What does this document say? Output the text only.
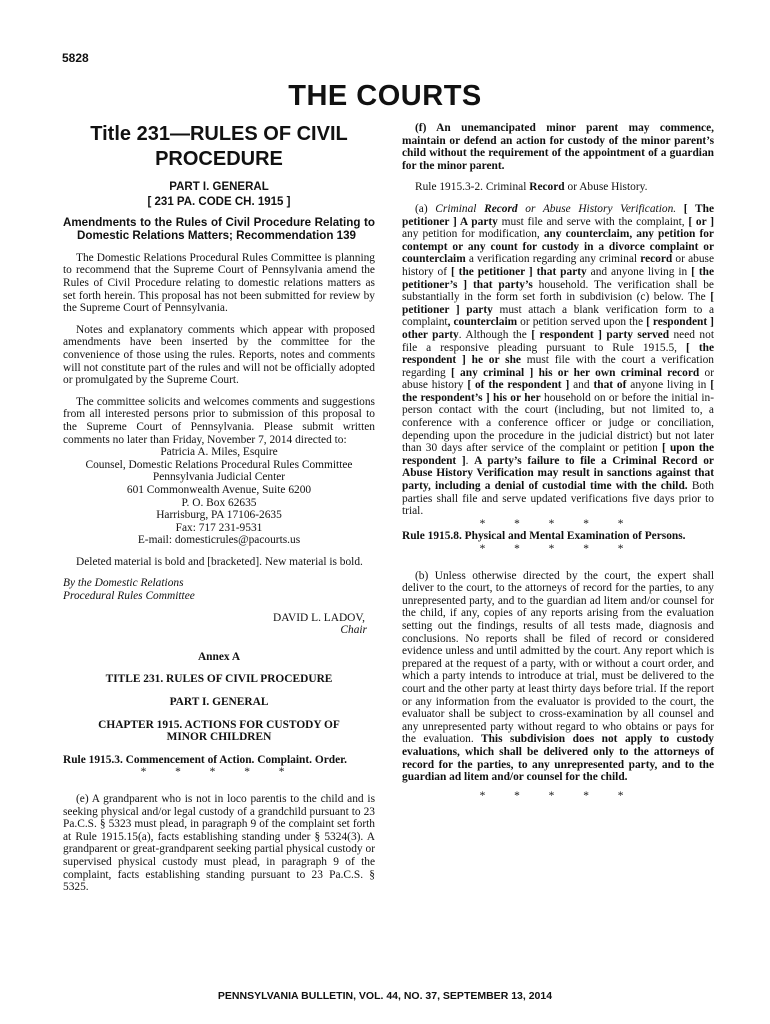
5828
THE COURTS
Title 231—RULES OF CIVIL PROCEDURE
PART I. GENERAL
[ 231 PA. CODE CH. 1915 ]
Amendments to the Rules of Civil Procedure Relating to Domestic Relations Matters; Recommendation 139

The Domestic Relations Procedural Rules Committee is planning to recommend that the Supreme Court of Pennsylvania amend the Rules of Civil Procedure relating to domestic relations matters as set forth herein. This proposal has not been submitted for review by the Supreme Court of Pennsylvania.

Notes and explanatory comments which appear with proposed amendments have been inserted by the committee for the convenience of those using the rules. Reports, notes and comments will not constitute part of the rules and will not be officially adopted or promulgated by the Supreme Court.

The committee solicits and welcomes comments and suggestions from all interested persons prior to submission of this proposal to the Supreme Court of Pennsylvania. Please submit written comments no later than Friday, November 7, 2014 directed to:

Patricia A. Miles, Esquire
Counsel, Domestic Relations Procedural Rules Committee
Pennsylvania Judicial Center
601 Commonwealth Avenue, Suite 6200
P. O. Box 62635
Harrisburg, PA 17106-2635
Fax: 717 231-9531
E-mail: domesticrules@pacourts.us

Deleted material is bold and [bracketed]. New material is bold.

By the Domestic Relations

Procedural Rules Committee

DAVID L. LADOV,

Chair

Annex A

TITLE 231. RULES OF CIVIL PROCEDURE

PART I. GENERAL

CHAPTER 1915. ACTIONS FOR CUSTODY OF MINOR CHILDREN

Rule 1915.3. Commencement of Action. Complaint. Order.

* * * * *

(e) A grandparent who is not in loco parentis to the child and is seeking physical and/or legal custody of a grandchild pursuant to 23 Pa.C.S. § 5323 must plead, in paragraph 9 of the complaint set forth at Rule 1915.15(a), facts establishing standing under § 5324(3). A grandparent or great-grandparent seeking partial physical custody or supervised physical custody must plead, in paragraph 9 of the complaint, facts establishing standing pursuant to 23 Pa.C.S. § 5325.

(f) An unemancipated minor parent may commence, maintain or defend an action for custody of the minor parent’s child without the requirement of the appointment of a guardian for the minor parent.

Rule 1915.3-2. Criminal Record or Abuse History.

(a) Criminal Record or Abuse History Verification. [ The petitioner ] A party must file and serve with the complaint, [ or ] any petition for modification, any counterclaim, any petition for contempt or any count for custody in a divorce complaint or counterclaim a verification regarding any criminal record or abuse history of [ the petitioner ] that party and anyone living in [ the petitioner’s ] that party’s household. The verification shall be substantially in the form set forth in subdivision (c) below. The [ petitioner ] party must attach a blank verification form to a complaint, counterclaim or petition served upon the [ respondent ] other party. Although the [ respondent ] party served need not file a responsive pleading pursuant to Rule 1915.5, [ the respondent ] he or she must file with the court a verification regarding [ any criminal ] his or her own criminal record or abuse history [ of the respondent ] and that of anyone living in [ the respondent’s ] his or her household on or before the initial in-person contact with the court (including, but not limited to, a conference with a conference officer or judge or conciliation, depending upon the procedure in the judicial district) but not later than 30 days after service of the complaint or petition [ upon the respondent ]. A party’s failure to file a Criminal Record or Abuse History Verification may result in sanctions against that party, including a denial of custodial time with the child. Both parties shall file and serve updated verifications five days prior to trial.

* * * * *

Rule 1915.8. Physical and Mental Examination of Persons.

* * * * *

(b) Unless otherwise directed by the court, the expert shall deliver to the court, to the attorneys of record for the parties, to any unrepresented party, and to the guardian ad litem and/or counsel for the child, if any, copies of any reports arising from the evaluation setting out the findings, results of all tests made, diagnosis and conclusions. No reports shall be filed of record or considered evidence unless and until admitted by the court. Any report which is prepared at the request of a party, with or without a court order, and which a party intends to introduce at trial, must be delivered to the court and the other party at least thirty days before trial. If the report or any information from the evaluator is provided to the court, the evaluator shall be subject to cross-examination by all counsel and any unrepresented party without regard to who obtains or pays for the evaluation. This subdivision does not apply to custody evaluations, which shall be delivered only to the attorneys of record for the parties, to any unrepresented party, and to the guardian ad litem and/or counsel for the child.

* * * * *

PENNSYLVANIA BULLETIN, VOL. 44, NO. 37, SEPTEMBER 13, 2014
